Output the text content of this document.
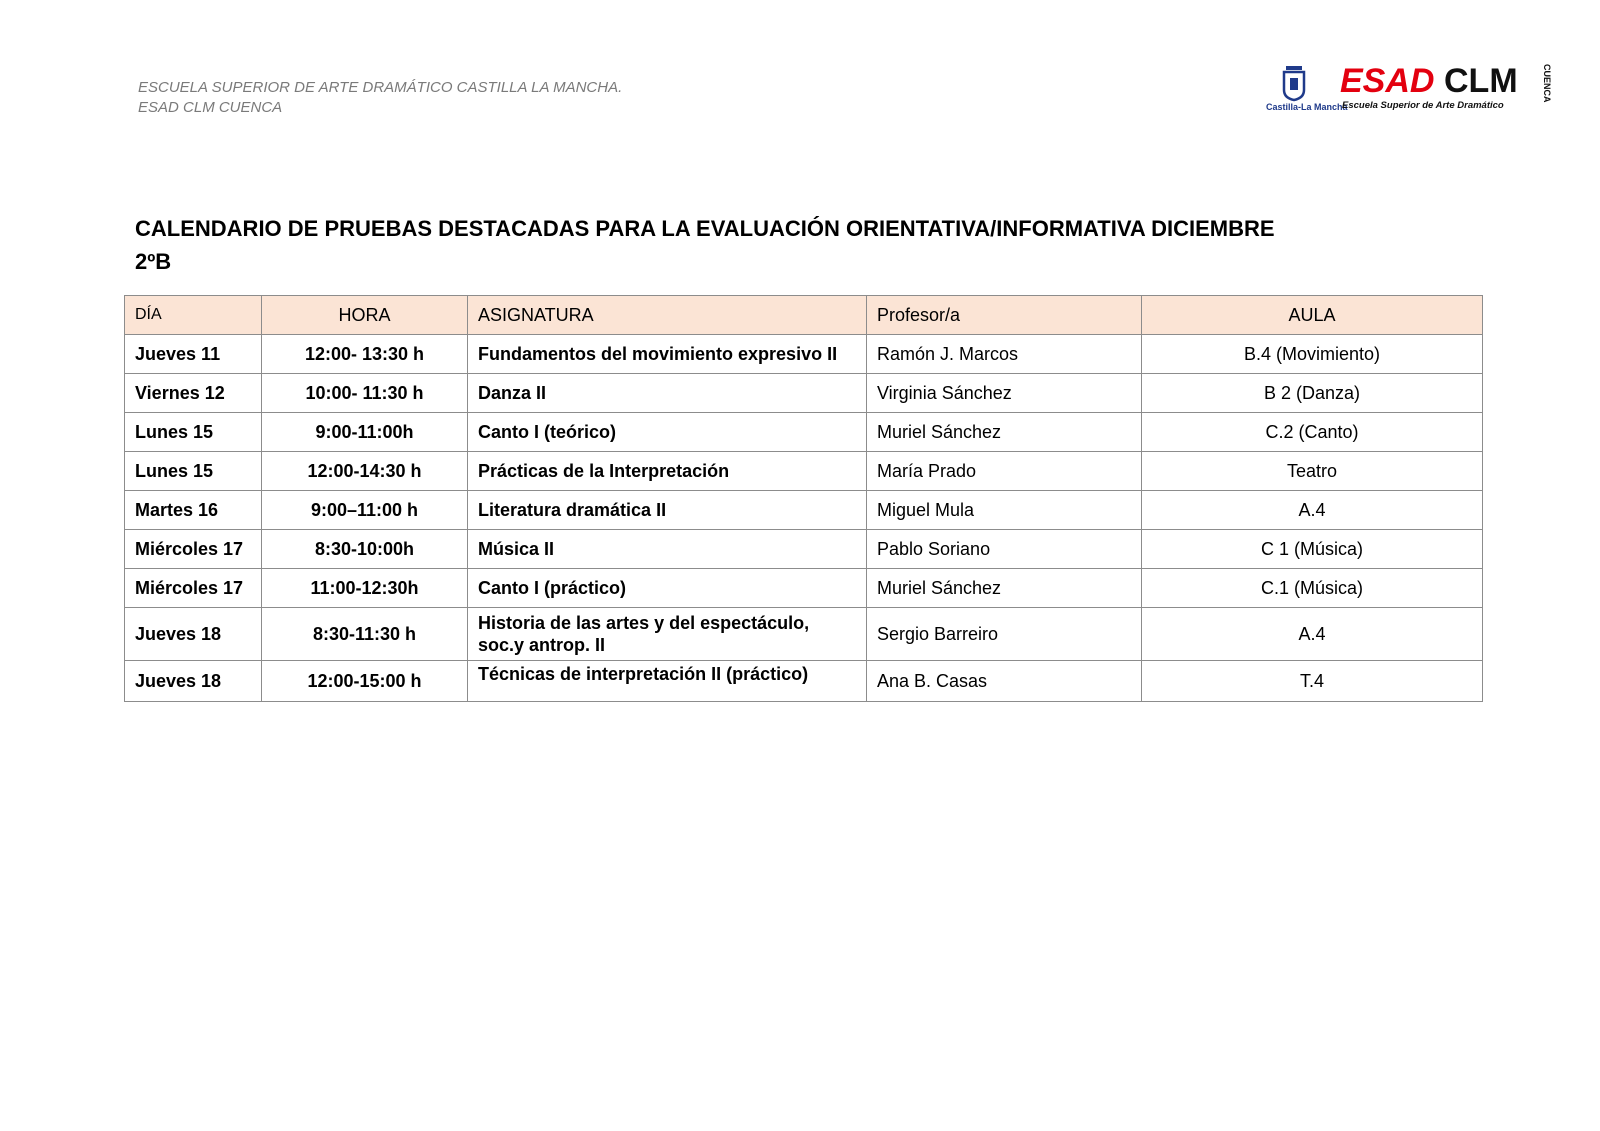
ESCUELA SUPERIOR DE ARTE DRAMÁTICO CASTILLA LA MANCHA.
ESAD CLM CUENCA	Castilla-La Mancha
ESAD CLM
Escuela Superior de Arte Dramático
CUENCA
CALENDARIO DE PRUEBAS DESTACADAS PARA LA EVALUACIÓN ORIENTATIVA/INFORMATIVA DICIEMBRE
2ºB
DÍA	HORA	ASIGNATURA	Profesor/a	AULA
Jueves 11	12:00- 13:30 h	Fundamentos del movimiento expresivo II	Ramón J. Marcos	B.4 (Movimiento)
Viernes 12	10:00- 11:30 h	Danza II	Virginia Sánchez	B 2 (Danza)
Lunes 15	9:00-11:00h	Canto I (teórico)	Muriel Sánchez	C.2 (Canto)
Lunes 15	12:00-14:30 h	Prácticas de la Interpretación	María Prado	Teatro
Martes 16	9:00–11:00 h	Literatura dramática II	Miguel Mula	A.4
Miércoles 17	8:30-10:00h	Música II	Pablo Soriano	C 1 (Música)
Miércoles 17	11:00-12:30h	Canto I (práctico)	Muriel Sánchez	C.1 (Música)
Jueves 18	8:30-11:30 h	Historia de las artes y del espectáculo, soc.y antrop. II	Sergio Barreiro	A.4
Jueves 18	12:00-15:00 h	Técnicas de interpretación II (práctico)	Ana B. Casas	T.4
